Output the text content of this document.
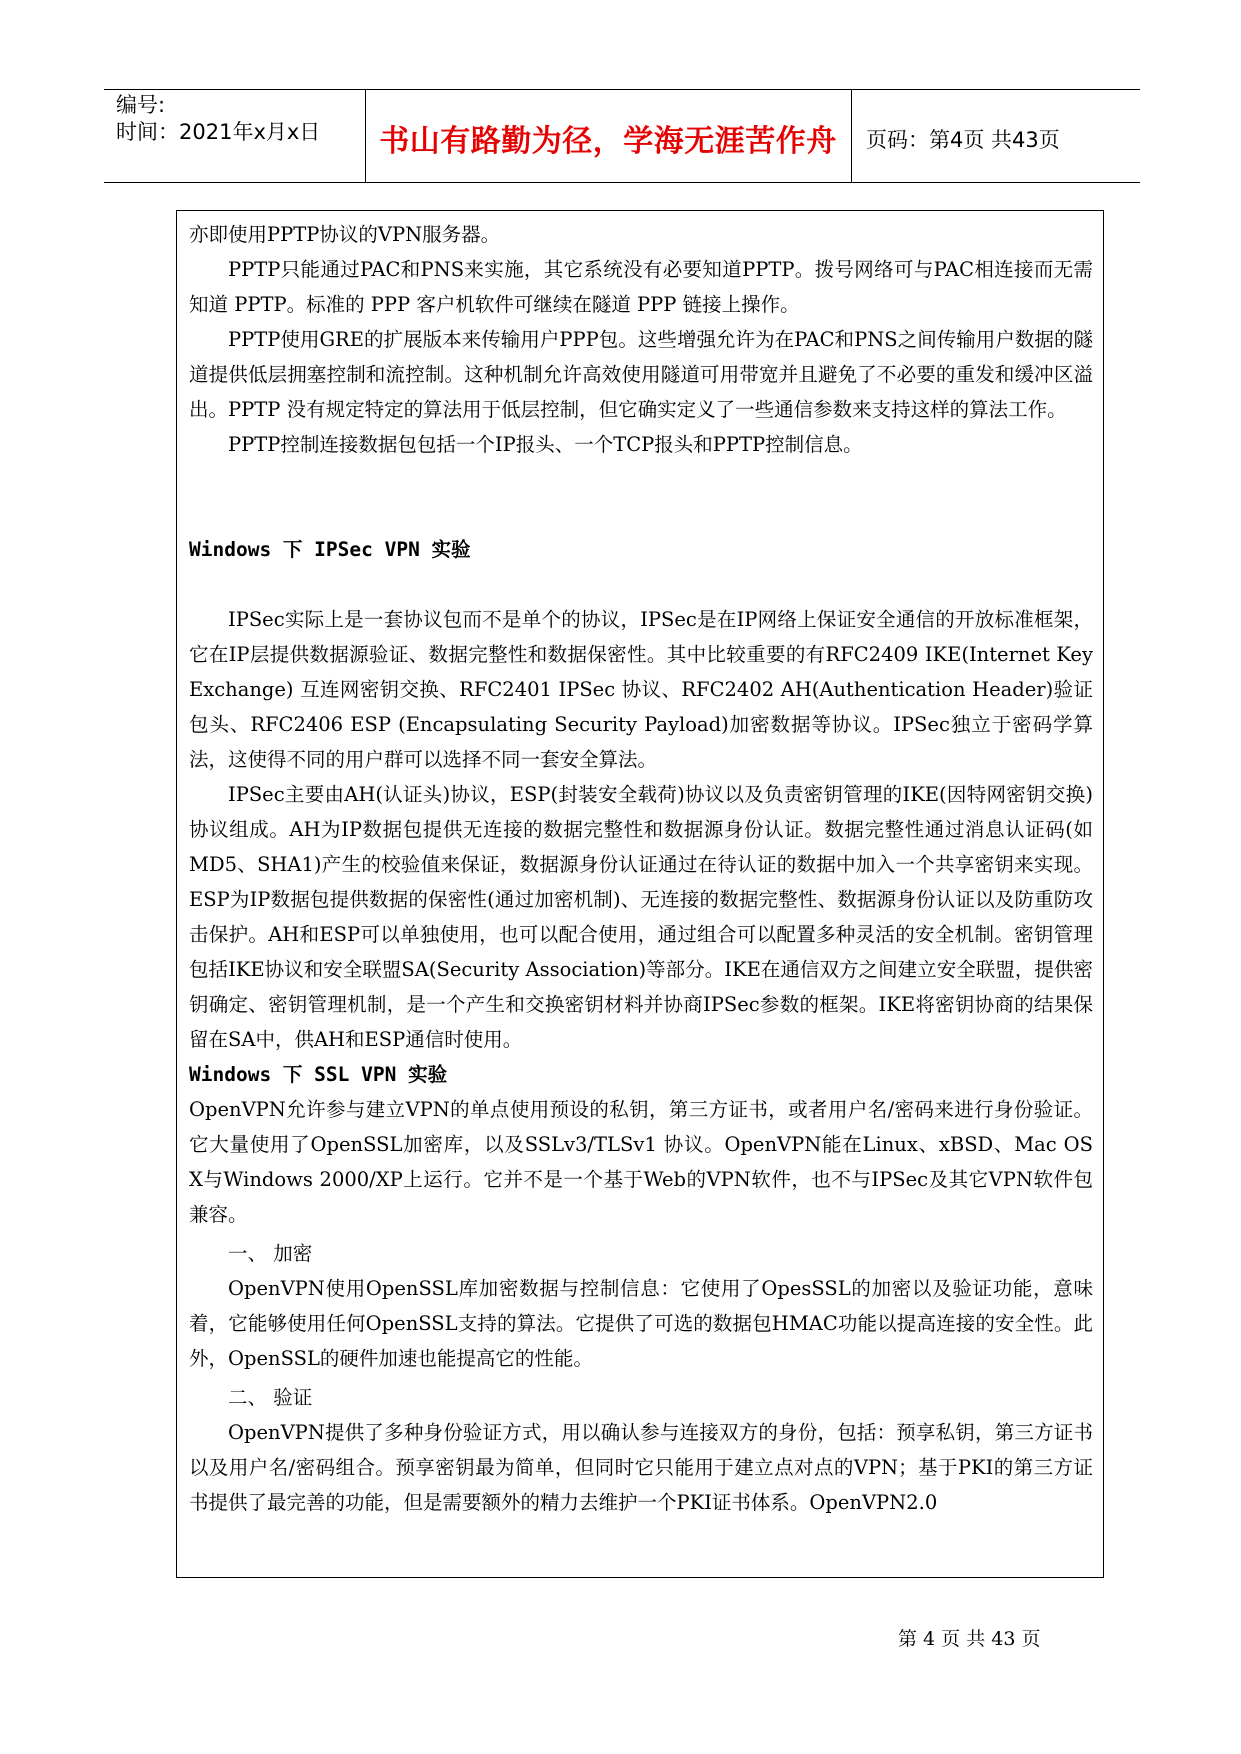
编号:
时间：2021年x月x日	书山有路勤为径，学海无涯苦作舟	页码：第4页 共43页

亦即使用PPTP协议的VPN服务器。

PPTP只能通过PAC和PNS来实施，其它系统没有必要知道PPTP。拨号网络可与PAC相连接而无需知道 PPTP。标准的 PPP 客户机软件可继续在隧道 PPP 链接上操作。

PPTP使用GRE的扩展版本来传输用户PPP包。这些增强允许为在PAC和PNS之间传输用户数据的隧道提供低层拥塞控制和流控制。这种机制允许高效使用隧道可用带宽并且避免了不必要的重发和缓冲区溢出。PPTP 没有规定特定的算法用于低层控制，但它确实定义了一些通信参数来支持这样的算法工作。

PPTP控制连接数据包包括一个IP报头、一个TCP报头和PPTP控制信息。

Windows 下 IPSec VPN 实验

IPSec实际上是一套协议包而不是单个的协议，IPSec是在IP网络上保证安全通信的开放标准框架，它在IP层提供数据源验证、数据完整性和数据保密性。其中比较重要的有RFC2409 IKE(Internet Key Exchange) 互连网密钥交换、RFC2401 IPSec 协议、RFC2402 AH(Authentication Header)验证包头、RFC2406 ESP (Encapsulating Security Payload)加密数据等协议。IPSec独立于密码学算法，这使得不同的用户群可以选择不同一套安全算法。

IPSec主要由AH(认证头)协议，ESP(封装安全载荷)协议以及负责密钥管理的IKE(因特网密钥交换)协议组成。AH为IP数据包提供无连接的数据完整性和数据源身份认证。数据完整性通过消息认证码(如MD5、SHA1)产生的校验值来保证，数据源身份认证通过在待认证的数据中加入一个共享密钥来实现。ESP为IP数据包提供数据的保密性(通过加密机制)、无连接的数据完整性、数据源身份认证以及防重防攻击保护。AH和ESP可以单独使用，也可以配合使用，通过组合可以配置多种灵活的安全机制。密钥管理包括IKE协议和安全联盟SA(Security Association)等部分。IKE在通信双方之间建立安全联盟，提供密钥确定、密钥管理机制，是一个产生和交换密钥材料并协商IPSec参数的框架。IKE将密钥协商的结果保留在SA中，供AH和ESP通信时使用。

Windows 下 SSL VPN 实验

OpenVPN允许参与建立VPN的单点使用预设的私钥，第三方证书，或者用户名/密码来进行身份验证。它大量使用了OpenSSL加密库，以及SSLv3/TLSv1 协议。OpenVPN能在Linux、xBSD、Mac OS X与Windows 2000/XP上运行。它并不是一个基于Web的VPN软件，也不与IPSec及其它VPN软件包兼容。

一、 加密

OpenVPN使用OpenSSL库加密数据与控制信息：它使用了OpesSSL的加密以及验证功能，意味着，它能够使用任何OpenSSL支持的算法。它提供了可选的数据包HMAC功能以提高连接的安全性。此外，OpenSSL的硬件加速也能提高它的性能。

二、 验证

OpenVPN提供了多种身份验证方式，用以确认参与连接双方的身份，包括：预享私钥，第三方证书以及用户名/密码组合。预享密钥最为简单，但同时它只能用于建立点对点的VPN；基于PKI的第三方证书提供了最完善的功能，但是需要额外的精力去维护一个PKI证书体系。OpenVPN2.0

第 4 页 共 43 页
